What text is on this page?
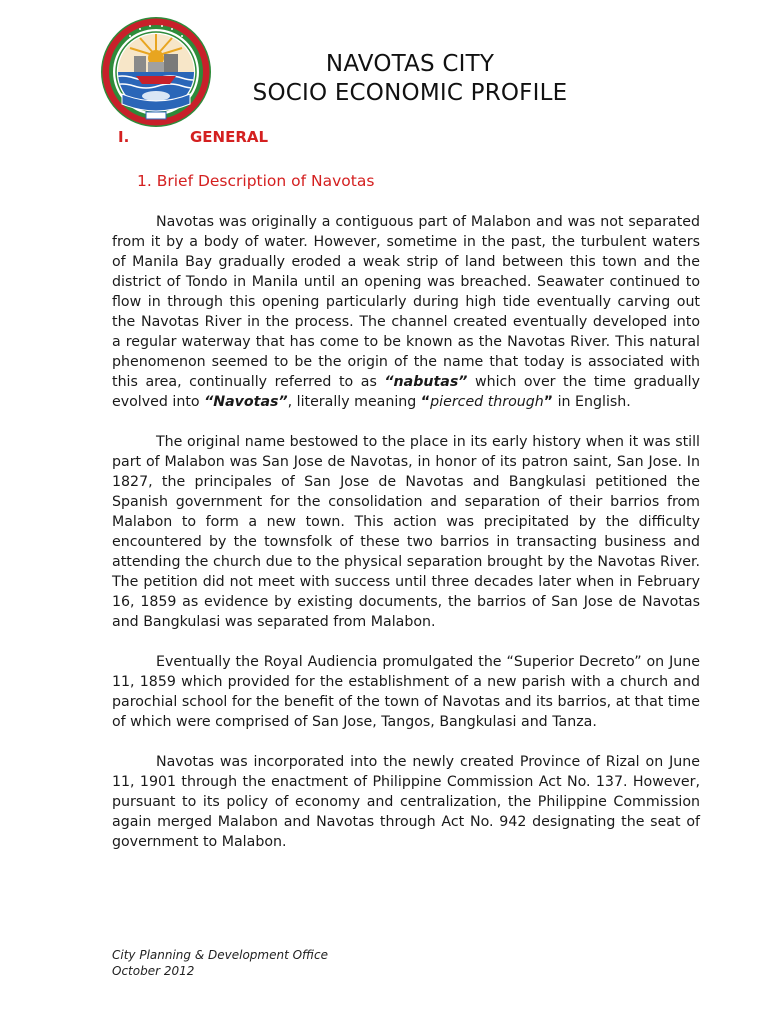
NAVOTAS CITY
SOCIO ECONOMIC PROFILE
I.	GENERAL
1. Brief Description of Navotas

Navotas was originally a contiguous part of Malabon and was not separated from it by a body of water. However, sometime in the past, the turbulent waters of Manila Bay gradually eroded a weak strip of land between this town and the district of Tondo in Manila until an opening was breached. Seawater continued to flow in through this opening particularly during high tide eventually carving out the Navotas River in the process. The channel created eventually developed into a regular waterway that has come to be known as the Navotas River. This natural phenomenon seemed to be the origin of the name that today is associated with this area, continually referred to as “nabutas” which over the time gradually evolved into “Navotas”, literally meaning “pierced through” in English.

The original name bestowed to the place in its early history when it was still part of Malabon was San Jose de Navotas, in honor of its patron saint, San Jose. In 1827, the principales of San Jose de Navotas and Bangkulasi petitioned the Spanish government for the consolidation and separation of their barrios from Malabon to form a new town. This action was precipitated by the difficulty encountered by the townsfolk of these two barrios in transacting business and attending the church due to the physical separation brought by the Navotas River. The petition did not meet with success until three decades later when in February 16, 1859 as evidence by existing documents, the barrios of San Jose de Navotas and Bangkulasi was separated from Malabon.

Eventually the Royal Audiencia promulgated the “Superior Decreto” on June 11, 1859 which provided for the establishment of a new parish with a church and parochial school for the benefit of the town of Navotas and its barrios, at that time of which were comprised of San Jose, Tangos, Bangkulasi and Tanza.

Navotas was incorporated into the newly created Province of Rizal on June 11, 1901 through the enactment of Philippine Commission Act No. 137. However, pursuant to its policy of economy and centralization, the Philippine Commission again merged Malabon and Navotas through Act No. 942 designating the seat of government to Malabon.

City Planning & Development Office
October 2012
